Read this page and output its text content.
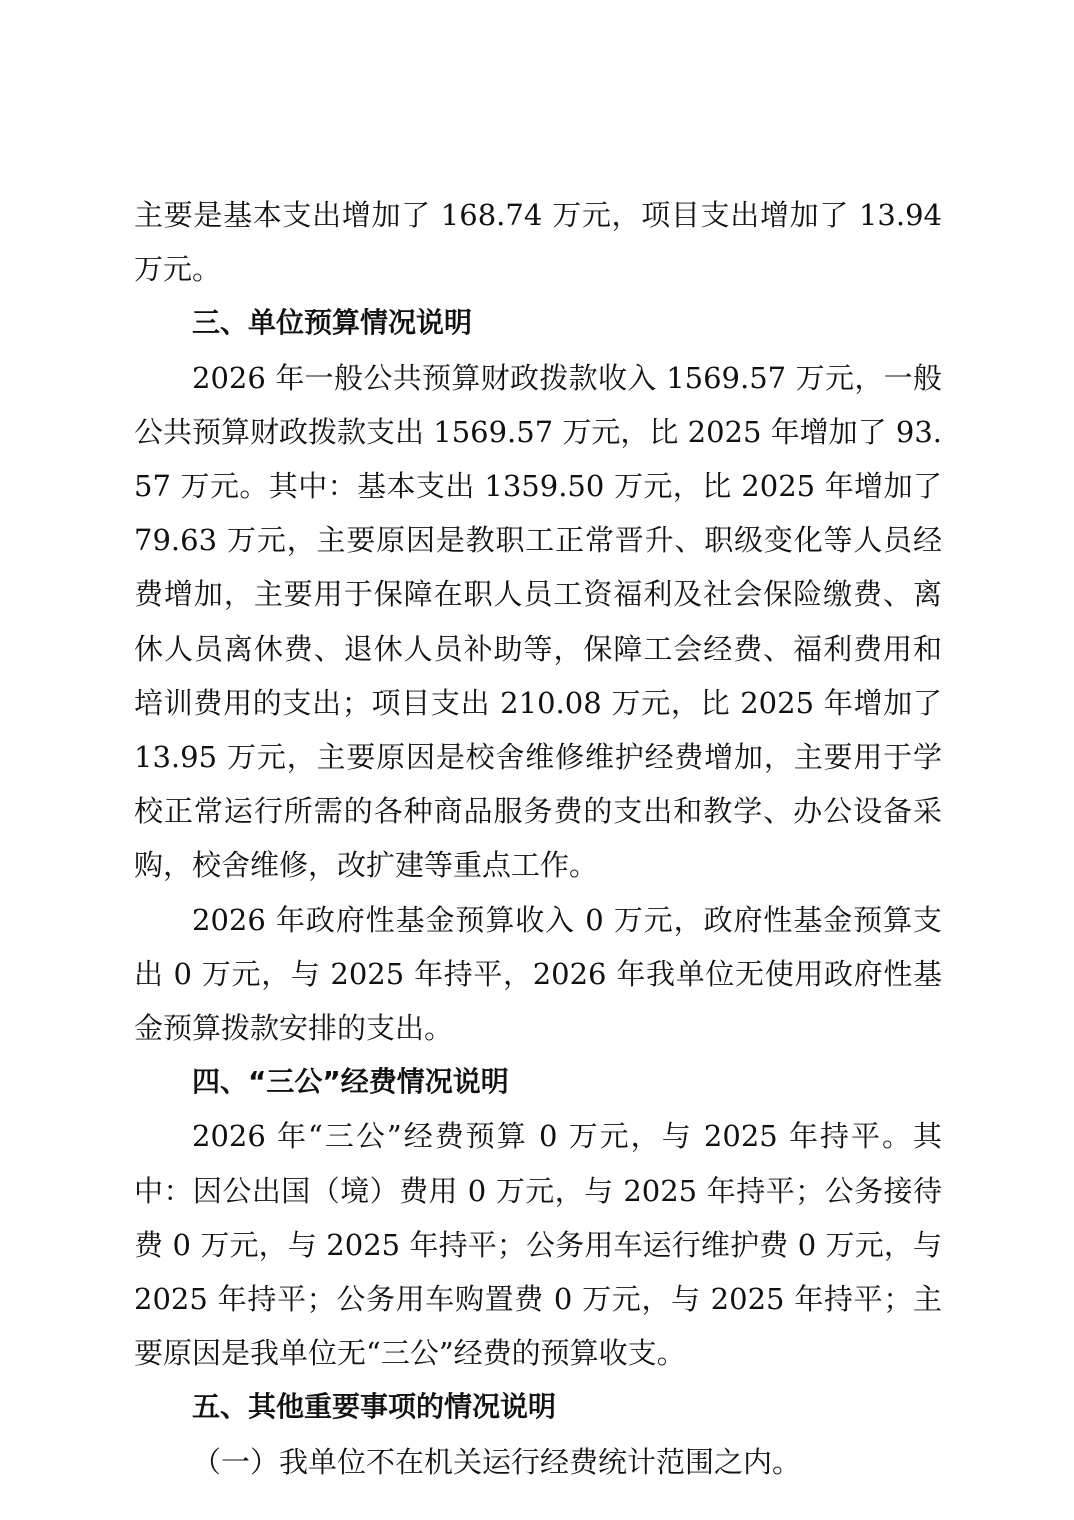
主要是基本支出增加了 168.74 万元，项目支出增加了 13.94 万元。

三、单位预算情况说明

2026 年一般公共预算财政拨款收入 1569.57 万元，一般公共预算财政拨款支出 1569.57 万元，比 2025 年增加了 93.57 万元。其中：基本支出 1359.50 万元，比 2025 年增加了 79.63 万元，主要原因是教职工正常晋升、职级变化等人员经费增加，主要用于保障在职人员工资福利及社会保险缴费、离休人员离休费、退休人员补助等，保障工会经费、福利费用和培训费用的支出；项目支出 210.08 万元，比 2025 年增加了 13.95 万元，主要原因是校舍维修维护经费增加，主要用于学校正常运行所需的各种商品服务费的支出和教学、办公设备采购，校舍维修，改扩建等重点工作。

2026 年政府性基金预算收入 0 万元，政府性基金预算支出 0 万元，与 2025 年持平，2026 年我单位无使用政府性基金预算拨款安排的支出。

四、“三公”经费情况说明

2026 年“三公”经费预算 0 万元，与 2025 年持平。其中：因公出国（境）费用 0 万元，与 2025 年持平；公务接待费 0 万元，与 2025 年持平；公务用车运行维护费 0 万元，与 2025 年持平；公务用车购置费 0 万元，与 2025 年持平；主要原因是我单位无“三公”经费的预算收支。

五、其他重要事项的情况说明

（一）我单位不在机关运行经费统计范围之内。
